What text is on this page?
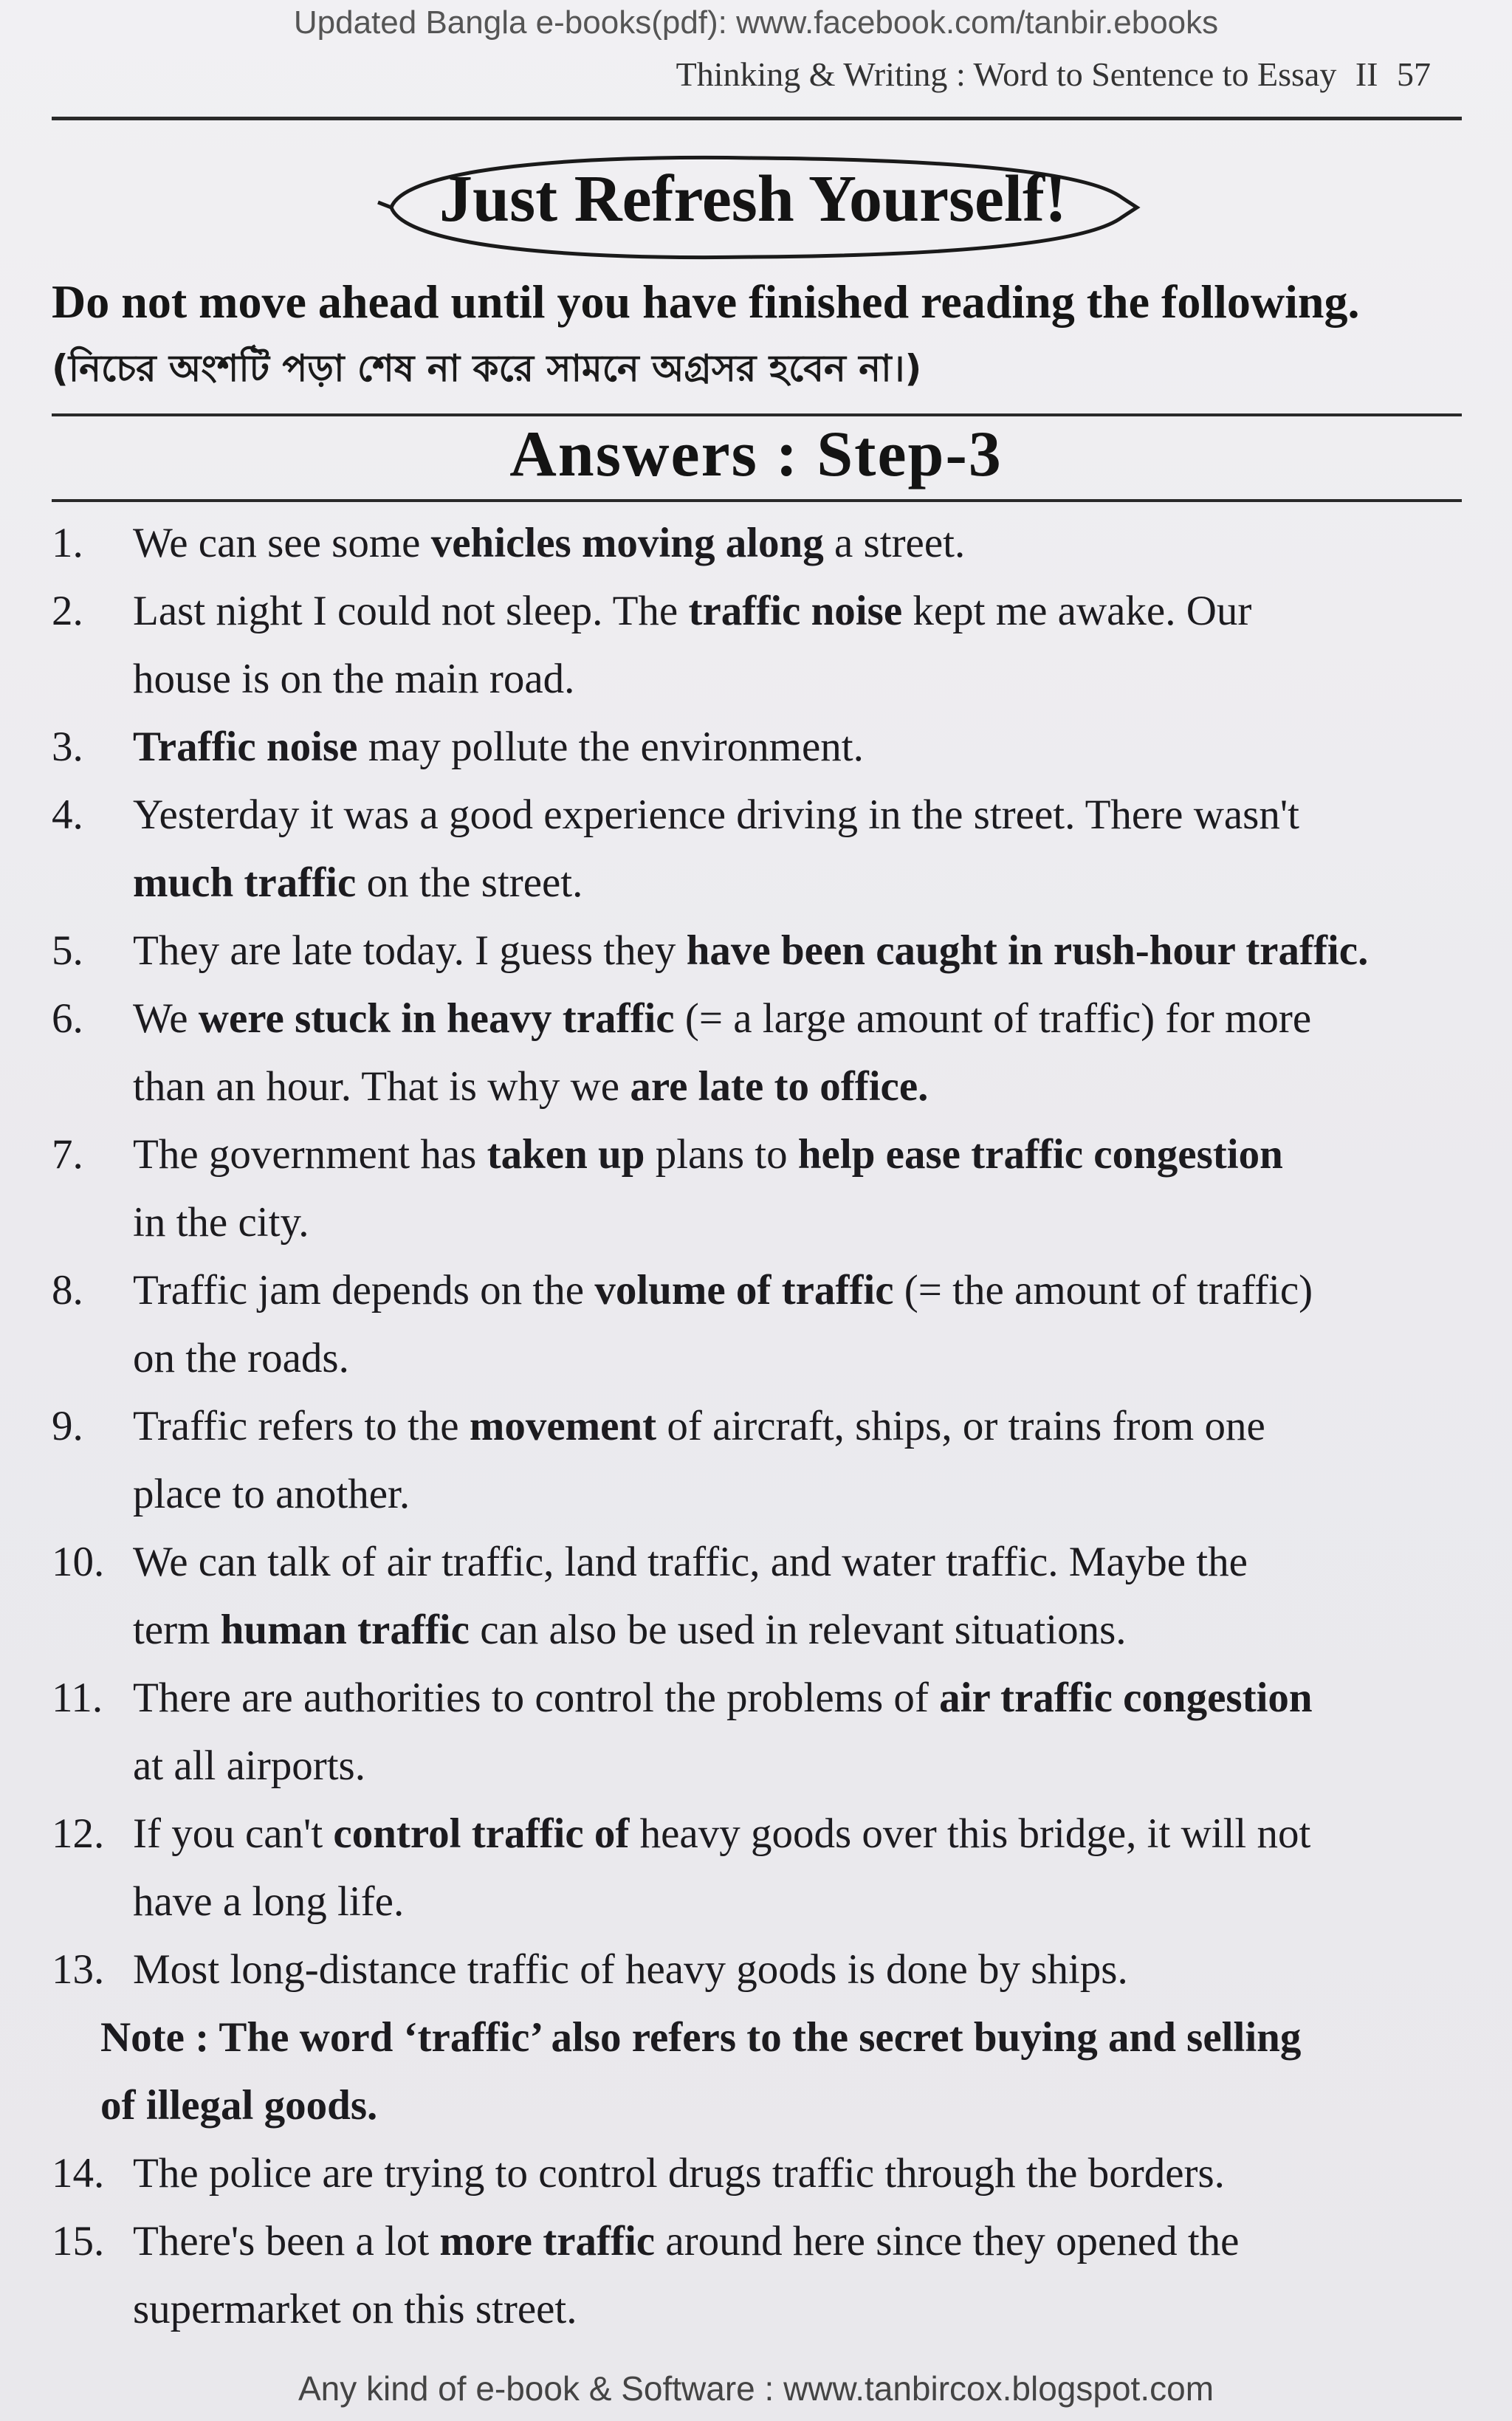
Updated Bangla e-books(pdf): www.facebook.com/tanbir.ebooks
Thinking & Writing : Word to Sentence to Essay II 57
Just Refresh Yourself!
Do not move ahead until you have finished reading the following.
(নিচের অংশটি পড়া শেষ না করে সামনে অগ্রসর হবেন না।)
Answers : Step-3
1.	We can see some vehicles moving along a street.
2.	Last night I could not sleep. The traffic noise kept me awake. Our
house is on the main road.
3.	Traffic noise may pollute the environment.
4.	Yesterday it was a good experience driving in the street. There wasn't
much traffic on the street.
5.	They are late today. I guess they have been caught in rush-hour traffic.
6.	We were stuck in heavy traffic (= a large amount of traffic) for more
than an hour. That is why we are late to office.
7.	The government has taken up plans to help ease traffic congestion
in the city.
8.	Traffic jam depends on the volume of traffic (= the amount of traffic)
on the roads.
9.	Traffic refers to the movement of aircraft, ships, or trains from one
place to another.
10. We can talk of air traffic, land traffic, and water traffic. Maybe the
term human traffic can also be used in relevant situations.
11. There are authorities to control the problems of air traffic congestion
at all airports.
12. If you can't control traffic of heavy goods over this bridge, it will not
have a long life.
13. Most long-distance traffic of heavy goods is done by ships.
Note : The word ‘traffic’ also refers to the secret buying and selling
of illegal goods.
14. The police are trying to control drugs traffic through the borders.
15. There's been a lot more traffic around here since they opened the
supermarket on this street.
Any kind of e-book & Software : www.tanbircox.blogspot.com
